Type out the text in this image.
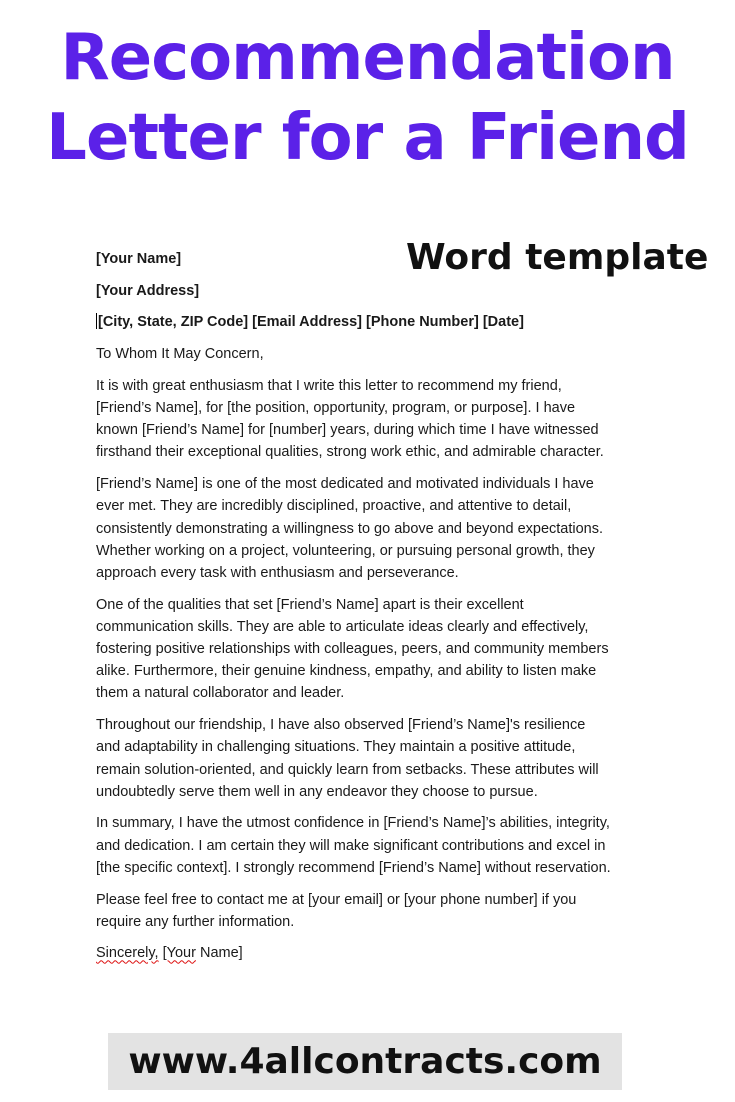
Recommendation
Letter for a Friend
Word template
[Your Name]
[Your Address]
[City, State, ZIP Code] [Email Address] [Phone Number] [Date]

To Whom It May Concern,

It is with great enthusiasm that I write this letter to recommend my friend, [Friend’s Name], for [the position, opportunity, program, or purpose]. I have known [Friend’s Name] for [number] years, during which time I have witnessed firsthand their exceptional qualities, strong work ethic, and admirable character.

[Friend’s Name] is one of the most dedicated and motivated individuals I have ever met. They are incredibly disciplined, proactive, and attentive to detail, consistently demonstrating a willingness to go above and beyond expectations. Whether working on a project, volunteering, or pursuing personal growth, they approach every task with enthusiasm and perseverance.

One of the qualities that set [Friend’s Name] apart is their excellent communication skills. They are able to articulate ideas clearly and effectively, fostering positive relationships with colleagues, peers, and community members alike. Furthermore, their genuine kindness, empathy, and ability to listen make them a natural collaborator and leader.

Throughout our friendship, I have also observed [Friend’s Name]'s resilience and adaptability in challenging situations. They maintain a positive attitude, remain solution-oriented, and quickly learn from setbacks. These attributes will undoubtedly serve them well in any endeavor they choose to pursue.

In summary, I have the utmost confidence in [Friend’s Name]’s abilities, integrity, and dedication. I am certain they will make significant contributions and excel in [the specific context]. I strongly recommend [Friend’s Name] without reservation.

Please feel free to contact me at [your email] or [your phone number] if you require any further information.

Sincerely, [Your Name]

www.4allcontracts.com
